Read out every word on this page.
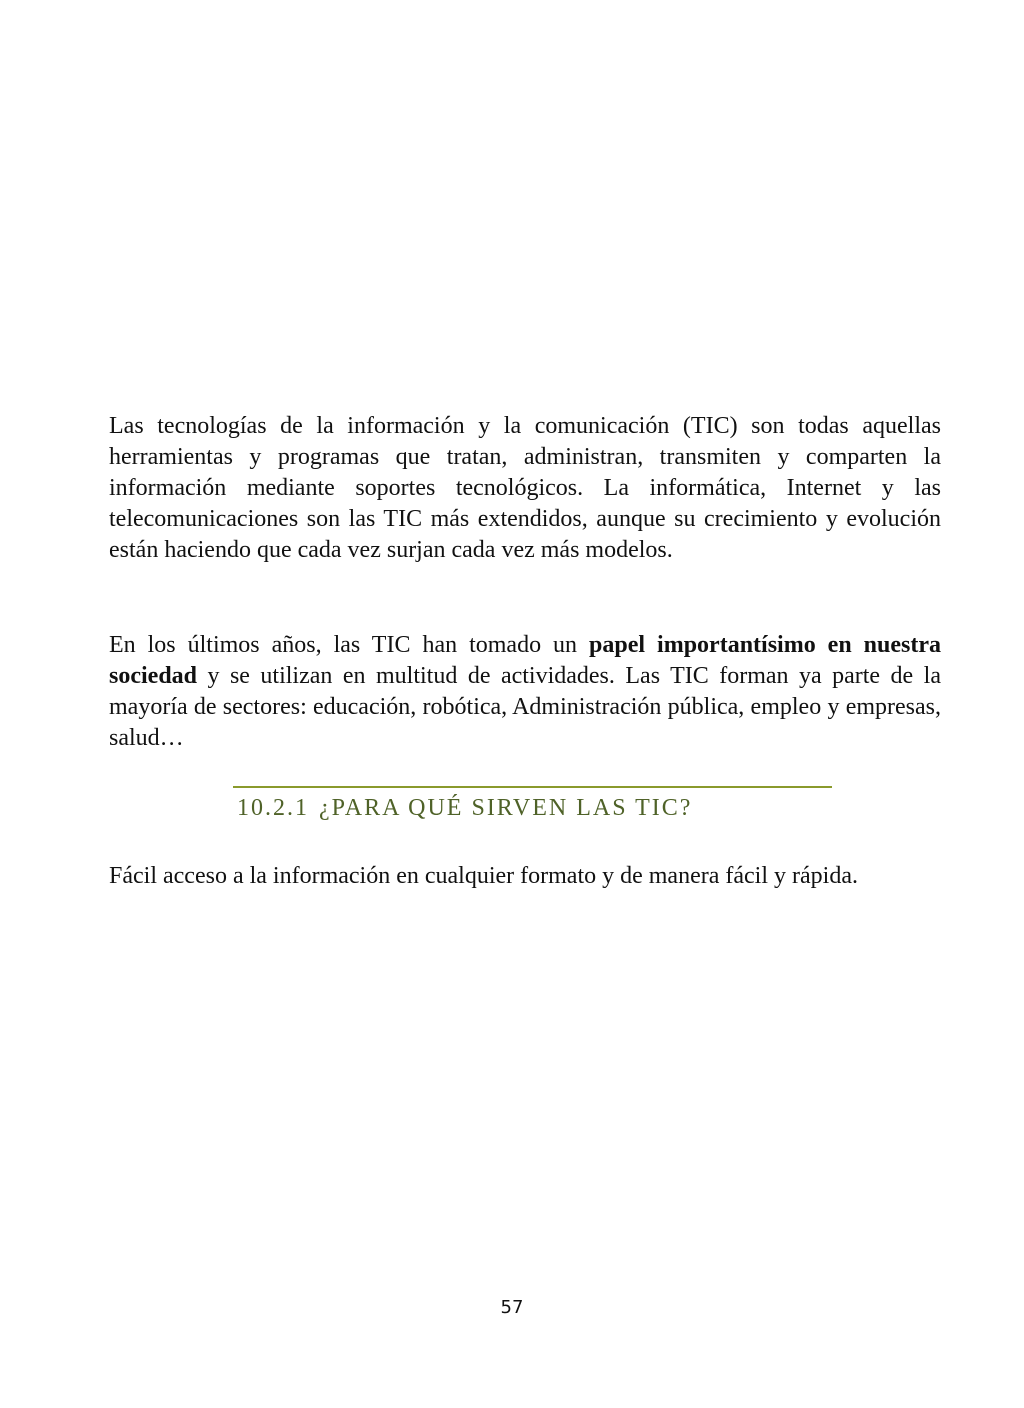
Las tecnologías de la información y la comunicación (TIC) son todas aquellas herramientas y programas que tratan, administran, transmiten y comparten la información mediante soportes tecnológicos. La informática, Internet y las telecomunicaciones son las TIC más extendidos, aunque su crecimiento y evolución están haciendo que cada vez surjan cada vez más modelos.

En los últimos años, las TIC han tomado un papel importantísimo en nuestra sociedad y se utilizan en multitud de actividades. Las TIC forman ya parte de la mayoría de sectores: educación, robótica, Administración pública, empleo y empresas, salud…

10.2.1 ¿PARA QUÉ SIRVEN LAS TIC?

Fácil acceso a la información en cualquier formato y de manera fácil y rápida.

57
